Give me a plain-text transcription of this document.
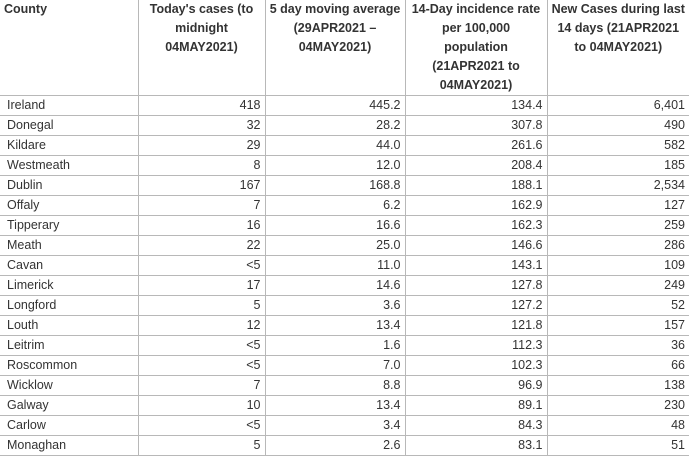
County	Today's cases (to midnight 04MAY2021)	5 day moving average (29APR2021 – 04MAY2021)	14-Day incidence rate per 100,000 population (21APR2021 to 04MAY2021)	New Cases during last 14 days (21APR2021 to 04MAY2021)
Ireland	418	445.2	134.4	6,401
Donegal	32	28.2	307.8	490
Kildare	29	44.0	261.6	582
Westmeath	8	12.0	208.4	185
Dublin	167	168.8	188.1	2,534
Offaly	7	6.2	162.9	127
Tipperary	16	16.6	162.3	259
Meath	22	25.0	146.6	286
Cavan	<5	11.0	143.1	109
Limerick	17	14.6	127.8	249
Longford	5	3.6	127.2	52
Louth	12	13.4	121.8	157
Leitrim	<5	1.6	112.3	36
Roscommon	<5	7.0	102.3	66
Wicklow	7	8.8	96.9	138
Galway	10	13.4	89.1	230
Carlow	<5	3.4	84.3	48
Monaghan	5	2.6	83.1	51
